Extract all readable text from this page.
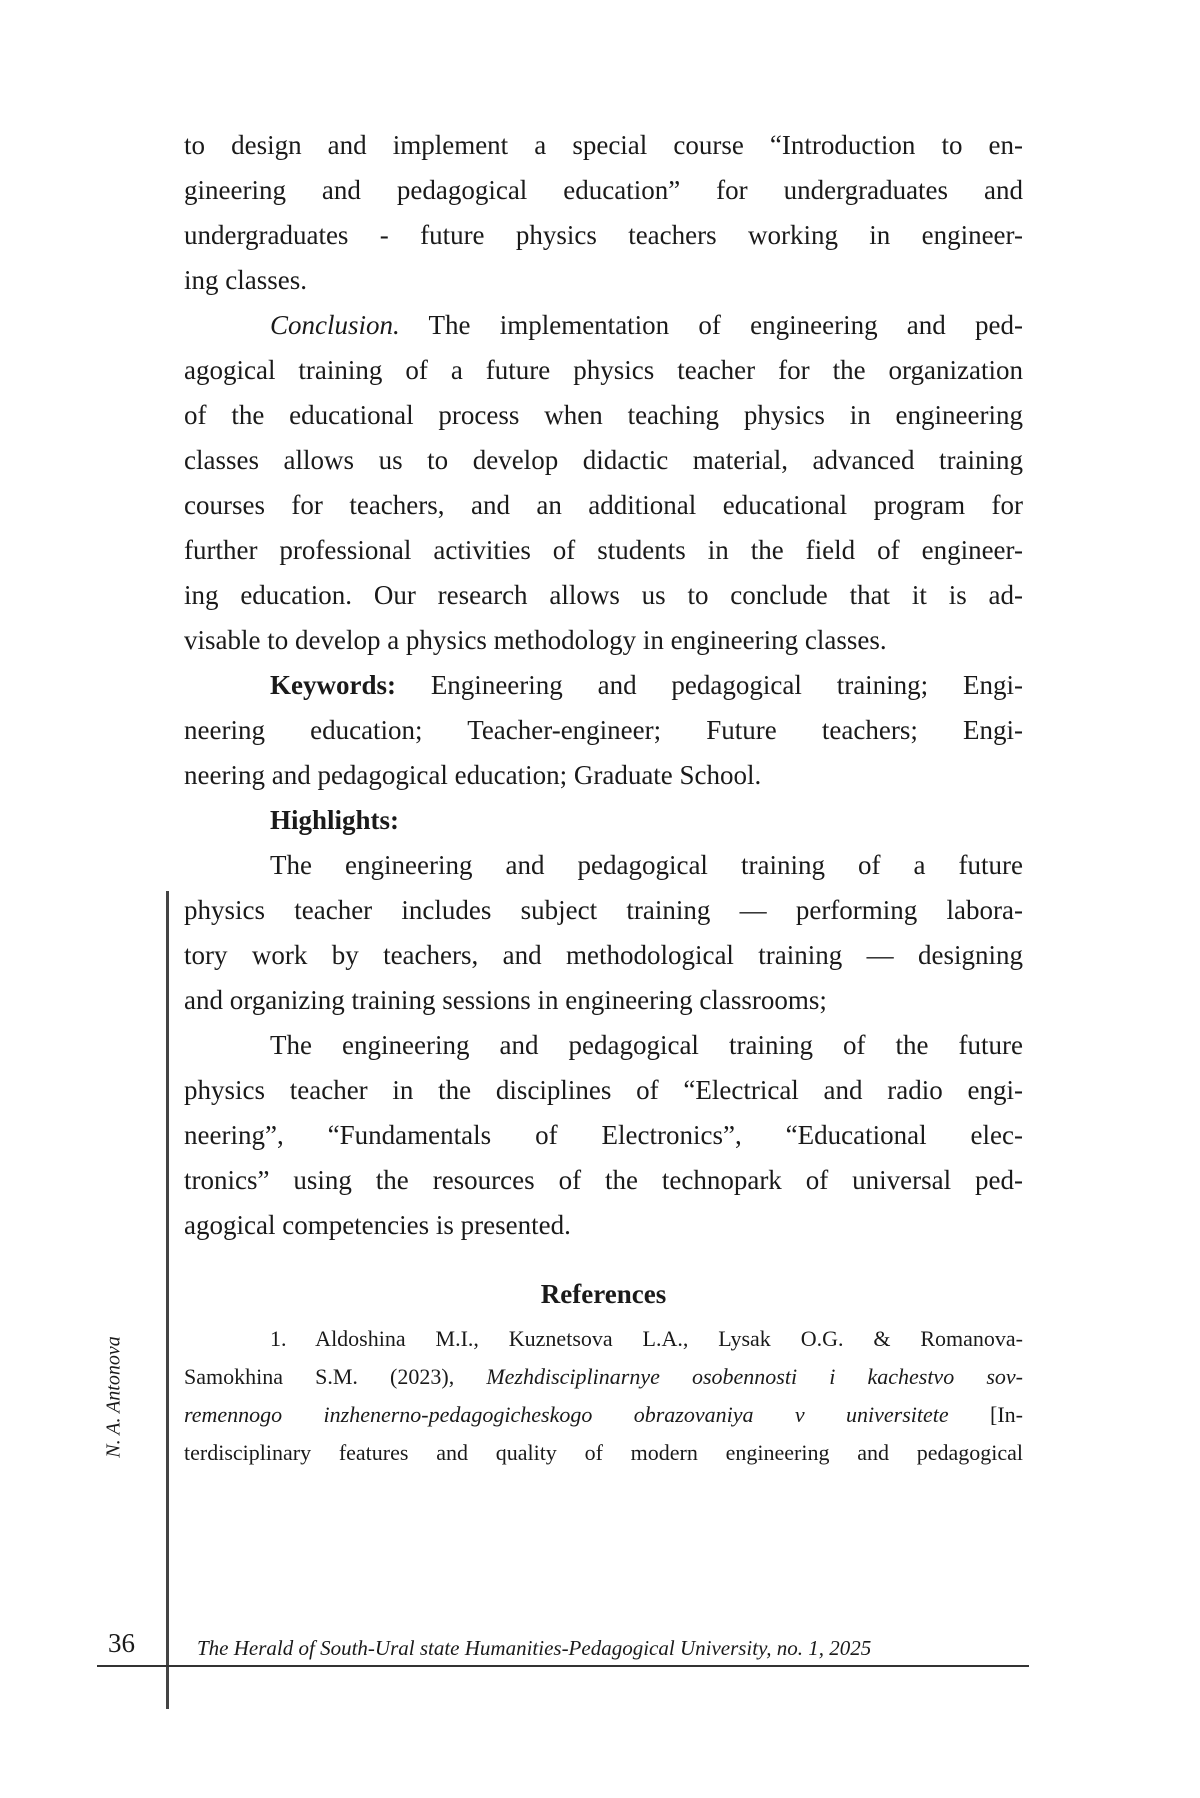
to design and implement a special course “Introduction to en-
gineering and pedagogical education” for undergraduates and
undergraduates - future physics teachers working in engineer-
ing classes.
Conclusion. The implementation of engineering and ped-
agogical training of a future physics teacher for the organization
of the educational process when teaching physics in engineering
classes allows us to develop didactic material, advanced training
courses for teachers, and an additional educational program for
further professional activities of students in the field of engineer-
ing education. Our research allows us to conclude that it is ad-
visable to develop a physics methodology in engineering classes.
Keywords: Engineering and pedagogical training; Engi-
neering education; Teacher-engineer; Future teachers; Engi-
neering and pedagogical education; Graduate School.
Highlights:
The engineering and pedagogical training of a future
physics teacher includes subject training — performing labora-
tory work by teachers, and methodological training — designing
and organizing training sessions in engineering classrooms;
The engineering and pedagogical training of the future
physics teacher in the disciplines of “Electrical and radio engi-
neering”, “Fundamentals of Electronics”, “Educational elec-
tronics” using the resources of the technopark of universal ped-
agogical competencies is presented.
References
1. Aldoshina M.I., Kuznetsova L.A., Lysak O.G. & Romanova-
Samokhina S.M. (2023), Mezhdisciplinarnye osobennosti i kachestvo sov-
remennogo inzhenerno-pedagogicheskogo obrazovaniya v universitete [In-
terdisciplinary features and quality of modern engineering and pedagogical
36	The Herald of South-Ural state Humanities-Pedagogical University, no. 1, 2025
N. A. Antonova
